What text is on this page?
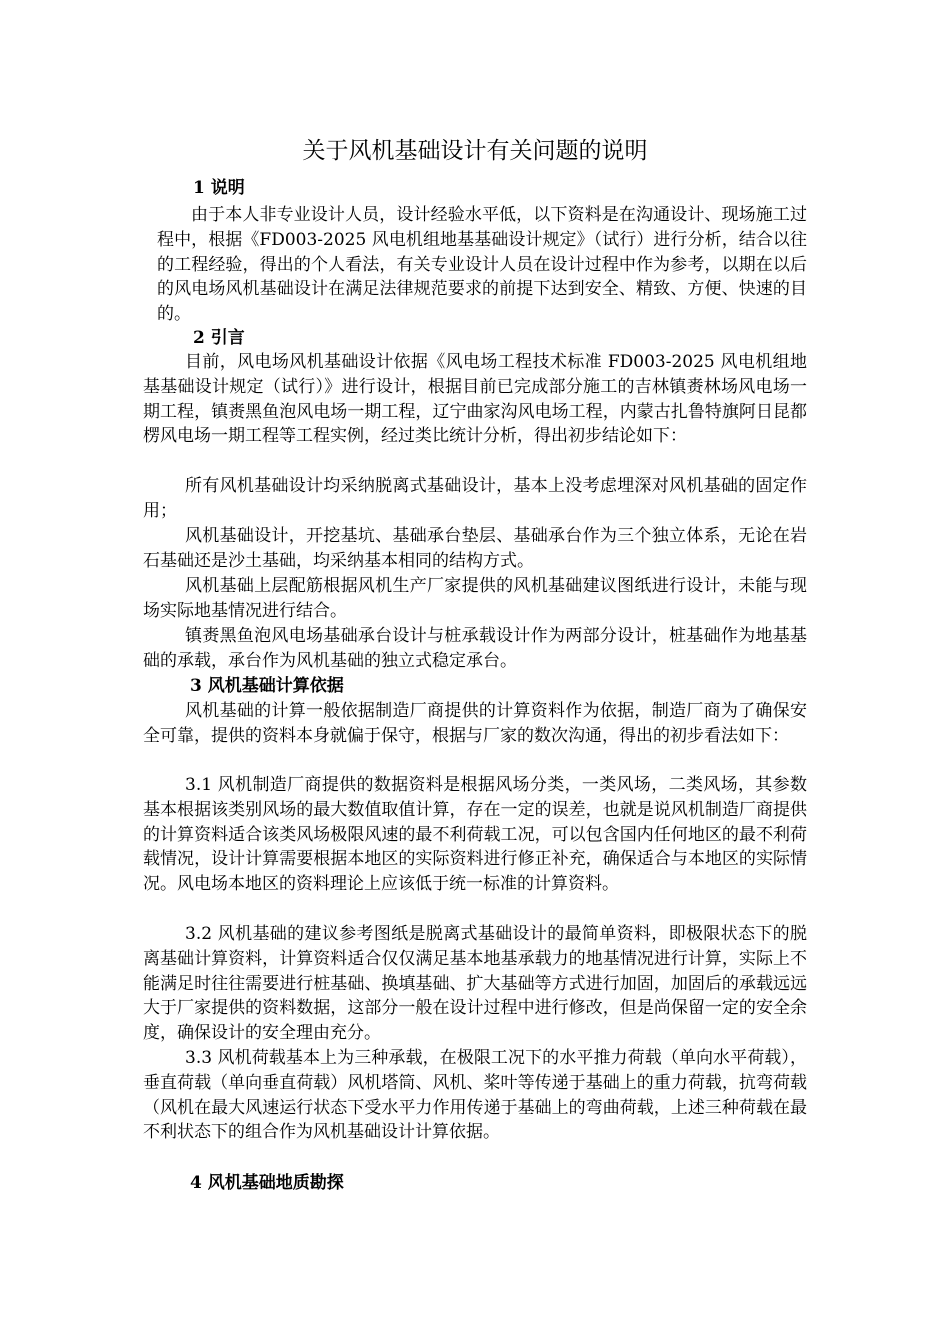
关于风机基础设计有关问题的说明
1 说明

由于本人非专业设计人员，设计经验水平低，以下资料是在沟通设计、现场施工过程中，根据《FD003-2025 风电机组地基基础设计规定》（试行）进行分析，结合以往的工程经验，得出的个人看法，有关专业设计人员在设计过程中作为参考，以期在以后的风电场风机基础设计在满足法律规范要求的前提下达到安全、精致、方便、快速的目的。

2 引言

目前，风电场风机基础设计依据《风电场工程技术标准 FD003-2025 风电机组地基基础设计规定（试行）》进行设计，根据目前已完成部分施工的吉林镇赉林场风电场一期工程，镇赉黑鱼泡风电场一期工程，辽宁曲家沟风电场工程，内蒙古扎鲁特旗阿日昆都楞风电场一期工程等工程实例，经过类比统计分析，得出初步结论如下：

所有风机基础设计均采纳脱离式基础设计，基本上没考虑埋深对风机基础的固定作用；

风机基础设计，开挖基坑、基础承台垫层、基础承台作为三个独立体系，无论在岩石基础还是沙土基础，均采纳基本相同的结构方式。

风机基础上层配筋根据风机生产厂家提供的风机基础建议图纸进行设计，未能与现场实际地基情况进行结合。

镇赉黑鱼泡风电场基础承台设计与桩承载设计作为两部分设计，桩基础作为地基基础的承载，承台作为风机基础的独立式稳定承台。

3 风机基础计算依据

风机基础的计算一般依据制造厂商提供的计算资料作为依据，制造厂商为了确保安全可靠，提供的资料本身就偏于保守，根据与厂家的数次沟通，得出的初步看法如下：

3.1 风机制造厂商提供的数据资料是根据风场分类，一类风场，二类风场，其参数基本根据该类别风场的最大数值取值计算，存在一定的误差，也就是说风机制造厂商提供的计算资料适合该类风场极限风速的最不利荷载工况，可以包含国内任何地区的最不利荷载情况，设计计算需要根据本地区的实际资料进行修正补充，确保适合与本地区的实际情况。风电场本地区的资料理论上应该低于统一标准的计算资料。

3.2 风机基础的建议参考图纸是脱离式基础设计的最简单资料，即极限状态下的脱离基础计算资料，计算资料适合仅仅满足基本地基承载力的地基情况进行计算，实际上不能满足时往往需要进行桩基础、换填基础、扩大基础等方式进行加固，加固后的承载远远大于厂家提供的资料数据，这部分一般在设计过程中进行修改，但是尚保留一定的安全余度，确保设计的安全理由充分。

3.3 风机荷载基本上为三种承载，在极限工况下的水平推力荷载（单向水平荷载），垂直荷载（单向垂直荷载）风机塔筒、风机、桨叶等传递于基础上的重力荷载，抗弯荷载（风机在最大风速运行状态下受水平力作用传递于基础上的弯曲荷载，上述三种荷载在最不利状态下的组合作为风机基础设计计算依据。

4 风机基础地质勘探
